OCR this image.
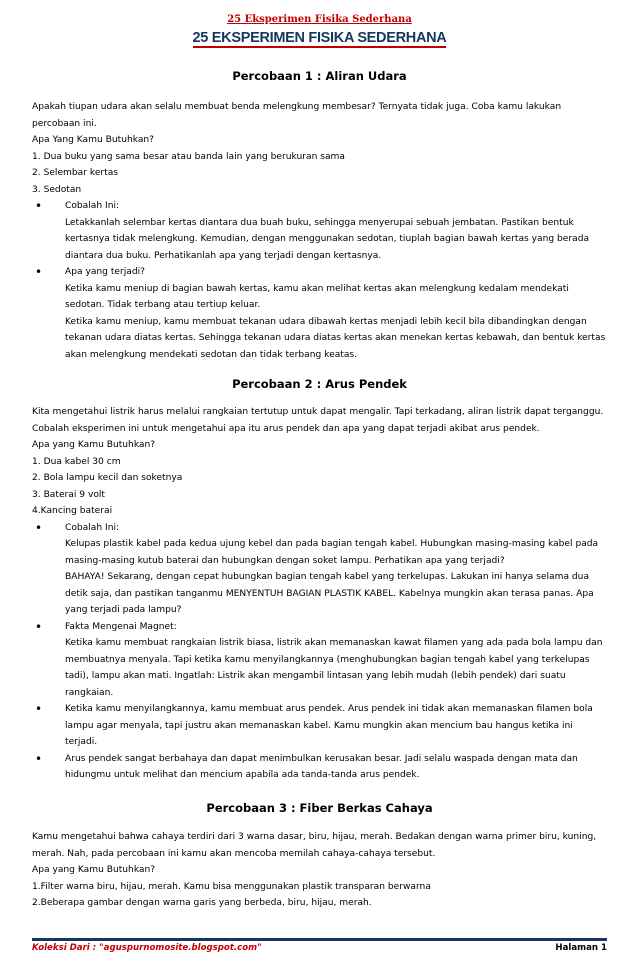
25 Eksperimen Fisika Sederhana
25 EKSPERIMEN FISIKA SEDERHANA
Percobaan 1 : Aliran Udara

Apakah tiupan udara akan selalu membuat benda melengkung membesar? Ternyata tidak juga. Coba kamu lakukan

percobaan ini.

Apa Yang Kamu Butuhkan?

1. Dua buku yang sama besar atau banda lain yang berukuran sama

2. Selembar kertas

3. Sedotan

• Cobalah Ini:

Letakkanlah selembar kertas diantara dua buah buku, sehingga menyerupai sebuah jembatan. Pastikan bentuk

kertasnya tidak melengkung. Kemudian, dengan menggunakan sedotan, tiuplah bagian bawah kertas yang berada

diantara dua buku. Perhatikanlah apa yang terjadi dengan kertasnya.

• Apa yang terjadi?

Ketika kamu meniup di bagian bawah kertas, kamu akan melihat kertas akan melengkung kedalam mendekati

sedotan. Tidak terbang atau tertiup keluar.

Ketika kamu meniup, kamu membuat tekanan udara dibawah kertas menjadi lebih kecil bila dibandingkan dengan

tekanan udara diatas kertas. Sehingga tekanan udara diatas kertas akan menekan kertas kebawah, dan bentuk kertas

akan melengkung mendekati sedotan dan tidak terbang keatas.

Percobaan 2 : Arus Pendek

Kita mengetahui listrik harus melalui rangkaian tertutup untuk dapat mengalir. Tapi terkadang, aliran listrik dapat terganggu.

Cobalah eksperimen ini untuk mengetahui apa itu arus pendek dan apa yang dapat terjadi akibat arus pendek.

Apa yang Kamu Butuhkan?

1. Dua kabel 30 cm

2. Bola lampu kecil dan soketnya

3. Baterai 9 volt

4.Kancing baterai

• Cobalah Ini:

Kelupas plastik kabel pada kedua ujung kebel dan pada bagian tengah kabel. Hubungkan masing-masing kabel pada

masing-masing kutub baterai dan hubungkan dengan soket lampu. Perhatikan apa yang terjadi?

BAHAYA! Sekarang, dengan cepat hubungkan bagian tengah kabel yang terkelupas. Lakukan ini hanya selama dua

detik saja, dan pastikan tanganmu MENYENTUH BAGIAN PLASTIK KABEL. Kabelnya mungkin akan terasa panas. Apa

yang terjadi pada lampu?

• Fakta Mengenai Magnet:

Ketika kamu membuat rangkaian listrik biasa, listrik akan memanaskan kawat filamen yang ada pada bola lampu dan

membuatnya menyala. Tapi ketika kamu menyilangkannya (menghubungkan bagian tengah kabel yang terkelupas

tadi), lampu akan mati. Ingatlah: Listrik akan mengambil lintasan yang lebih mudah (lebih pendek) dari suatu

rangkaian.

• Ketika kamu menyilangkannya, kamu membuat arus pendek. Arus pendek ini tidak akan memanaskan filamen bola

lampu agar menyala, tapi justru akan memanaskan kabel. Kamu mungkin akan mencium bau hangus ketika ini

terjadi.

• Arus pendek sangat berbahaya dan dapat menimbulkan kerusakan besar. Jadi selalu waspada dengan mata dan

hidungmu untuk melihat dan mencium apabila ada tanda-tanda arus pendek.

Percobaan 3 : Fiber Berkas Cahaya

Kamu mengetahui bahwa cahaya terdiri dari 3 warna dasar, biru, hijau, merah. Bedakan dengan warna primer biru, kuning,

merah. Nah, pada percobaan ini kamu akan mencoba memilah cahaya-cahaya tersebut.

Apa yang Kamu Butuhkan?

1.Filter warna biru, hijau, merah. Kamu bisa menggunakan plastik transparan berwarna

2.Beberapa gambar dengan warna garis yang berbeda, biru, hijau, merah.

Koleksi Dari : "aguspurnomosite.blogspot.com"	Halaman 1
